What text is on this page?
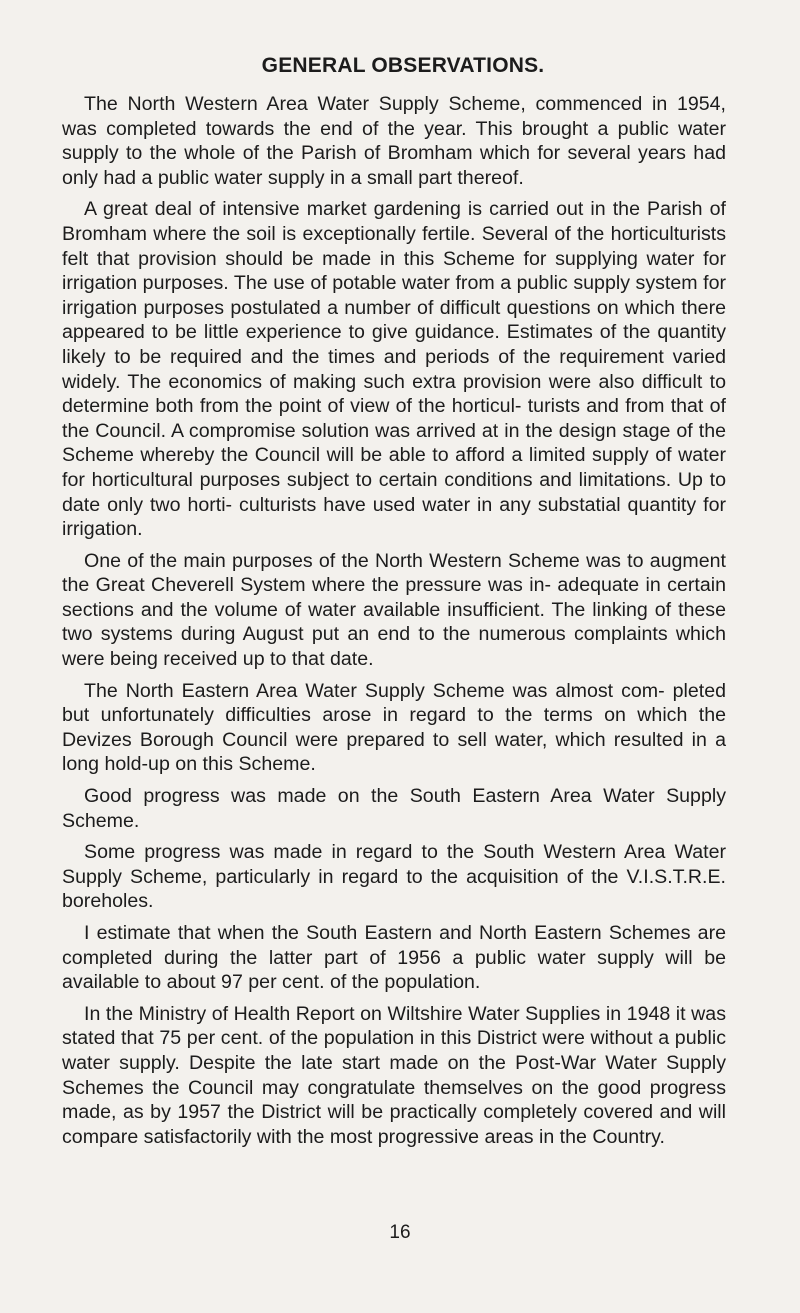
GENERAL OBSERVATIONS.

The North Western Area Water Supply Scheme, commenced in 1954, was completed towards the end of the year. This brought a public water supply to the whole of the Parish of Bromham which for several years had only had a public water supply in a small part thereof.

A great deal of intensive market gardening is carried out in the Parish of Bromham where the soil is exceptionally fertile. Several of the horticulturists felt that provision should be made in this Scheme for supplying water for irrigation purposes. The use of potable water from a public supply system for irrigation purposes postulated a number of difficult questions on which there appeared to be little experience to give guidance. Estimates of the quantity likely to be required and the times and periods of the requirement varied widely. The economics of making such extra provision were also difficult to determine both from the point of view of the horticul- turists and from that of the Council. A compromise solution was arrived at in the design stage of the Scheme whereby the Council will be able to afford a limited supply of water for horticultural purposes subject to certain conditions and limitations. Up to date only two horti- culturists have used water in any substatial quantity for irrigation.

One of the main purposes of the North Western Scheme was to augment the Great Cheverell System where the pressure was in- adequate in certain sections and the volume of water available insufficient. The linking of these two systems during August put an end to the numerous complaints which were being received up to that date.

The North Eastern Area Water Supply Scheme was almost com- pleted but unfortunately difficulties arose in regard to the terms on which the Devizes Borough Council were prepared to sell water, which resulted in a long hold-up on this Scheme.

Good progress was made on the South Eastern Area Water Supply Scheme.

Some progress was made in regard to the South Western Area Water Supply Scheme, particularly in regard to the acquisition of the V.I.S.T.R.E. boreholes.

I estimate that when the South Eastern and North Eastern Schemes are completed during the latter part of 1956 a public water supply will be available to about 97 per cent. of the population.

In the Ministry of Health Report on Wiltshire Water Supplies in 1948 it was stated that 75 per cent. of the population in this District were without a public water supply. Despite the late start made on the Post-War Water Supply Schemes the Council may congratulate themselves on the good progress made, as by 1957 the District will be practically completely covered and will compare satisfactorily with the most progressive areas in the Country.

16
